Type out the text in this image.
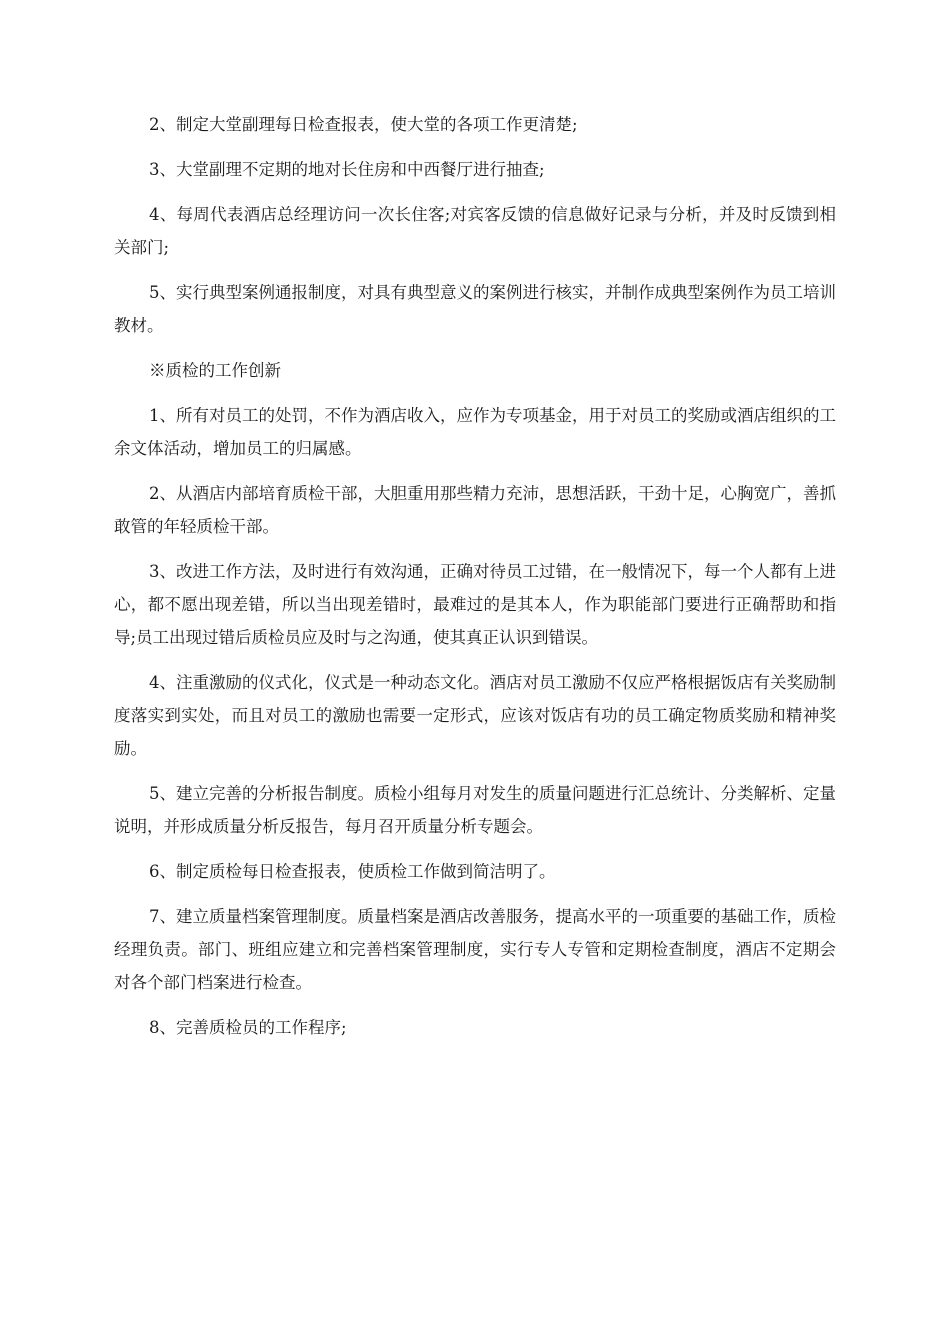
2、制定大堂副理每日检查报表，使大堂的各项工作更清楚;

3、大堂副理不定期的地对长住房和中西餐厅进行抽查;

4、每周代表酒店总经理访问一次长住客;对宾客反馈的信息做好记录与分析，并及时反馈到相关部门;

5、实行典型案例通报制度，对具有典型意义的案例进行核实，并制作成典型案例作为员工培训教材。

※质检的工作创新

1、所有对员工的处罚，不作为酒店收入，应作为专项基金，用于对员工的奖励或酒店组织的工余文体活动，增加员工的归属感。

2、从酒店内部培育质检干部，大胆重用那些精力充沛，思想活跃，干劲十足，心胸宽广，善抓敢管的年轻质检干部。

3、改进工作方法，及时进行有效沟通，正确对待员工过错，在一般情况下，每一个人都有上进心，都不愿出现差错，所以当出现差错时，最难过的是其本人，作为职能部门要进行正确帮助和指导;员工出现过错后质检员应及时与之沟通，使其真正认识到错误。

4、注重激励的仪式化，仪式是一种动态文化。酒店对员工激励不仅应严格根据饭店有关奖励制度落实到实处，而且对员工的激励也需要一定形式，应该对饭店有功的员工确定物质奖励和精神奖励。

5、建立完善的分析报告制度。质检小组每月对发生的质量问题进行汇总统计、分类解析、定量说明，并形成质量分析反报告，每月召开质量分析专题会。

6、制定质检每日检查报表，使质检工作做到简洁明了。

7、建立质量档案管理制度。质量档案是酒店改善服务，提高水平的一项重要的基础工作，质检经理负责。部门、班组应建立和完善档案管理制度，实行专人专管和定期检查制度，酒店不定期会对各个部门档案进行检查。

8、完善质检员的工作程序;
